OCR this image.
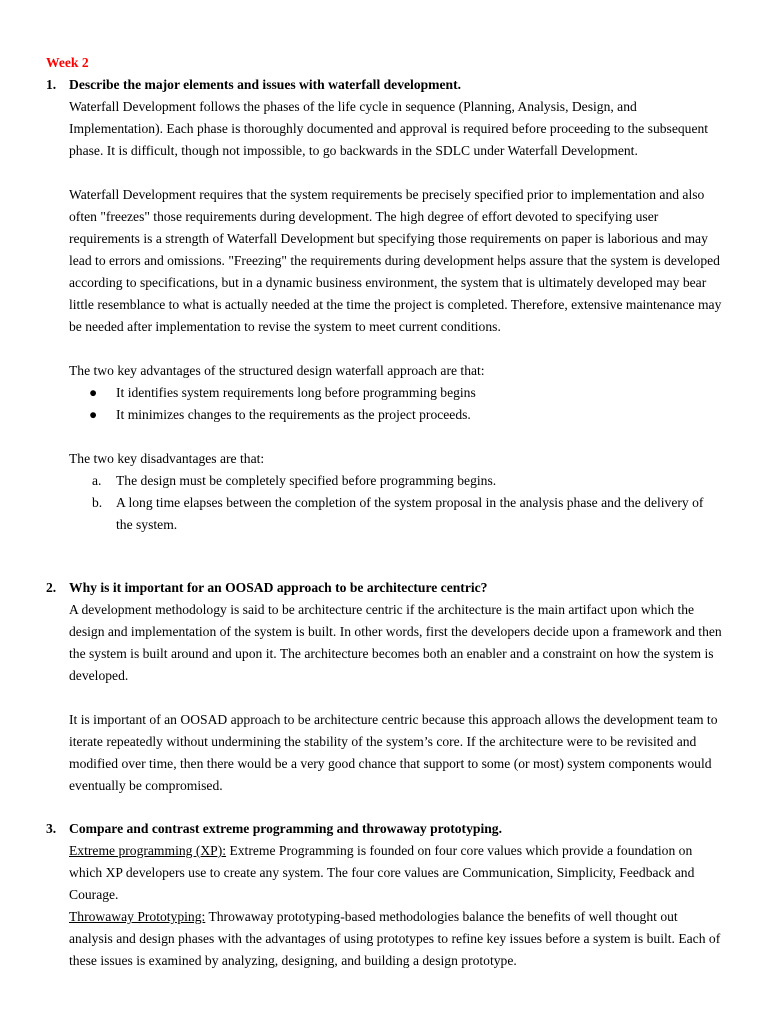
Week 2
1. Describe the major elements and issues with waterfall development.

Waterfall Development follows the phases of the life cycle in sequence (Planning, Analysis, Design, and Implementation). Each phase is thoroughly documented and approval is required before proceeding to the subsequent phase. It is difficult, though not impossible, to go backwards in the SDLC under Waterfall Development.

Waterfall Development requires that the system requirements be precisely specified prior to implementation and also often "freezes" those requirements during development. The high degree of effort devoted to specifying user requirements is a strength of Waterfall Development but specifying those requirements on paper is laborious and may lead to errors and omissions. "Freezing" the requirements during development helps assure that the system is developed according to specifications, but in a dynamic business environment, the system that is ultimately developed may bear little resemblance to what is actually needed at the time the project is completed. Therefore, extensive maintenance may be needed after implementation to revise the system to meet current conditions.

The two key advantages of the structured design waterfall approach are that:

● It identifies system requirements long before programming begins
● It minimizes changes to the requirements as the project proceeds.

The two key disadvantages are that:

a. The design must be completely specified before programming begins.
b. A long time elapses between the completion of the system proposal in the analysis phase and the delivery of the system.
2. Why is it important for an OOSAD approach to be architecture centric?

A development methodology is said to be architecture centric if the architecture is the main artifact upon which the design and implementation of the system is built. In other words, first the developers decide upon a framework and then the system is built around and upon it. The architecture becomes both an enabler and a constraint on how the system is developed.

It is important of an OOSAD approach to be architecture centric because this approach allows the development team to iterate repeatedly without undermining the stability of the system’s core. If the architecture were to be revisited and modified over time, then there would be a very good chance that support to some (or most) system components would eventually be compromised.

3. Compare and contrast extreme programming and throwaway prototyping.

Extreme programming (XP): Extreme Programming is founded on four core values which provide a foundation on which XP developers use to create any system. The four core values are Communication, Simplicity, Feedback and Courage.

Throwaway Prototyping: Throwaway prototyping-based methodologies balance the benefits of well thought out analysis and design phases with the advantages of using prototypes to refine key issues before a system is built. Each of these issues is examined by analyzing, designing, and building a design prototype.
